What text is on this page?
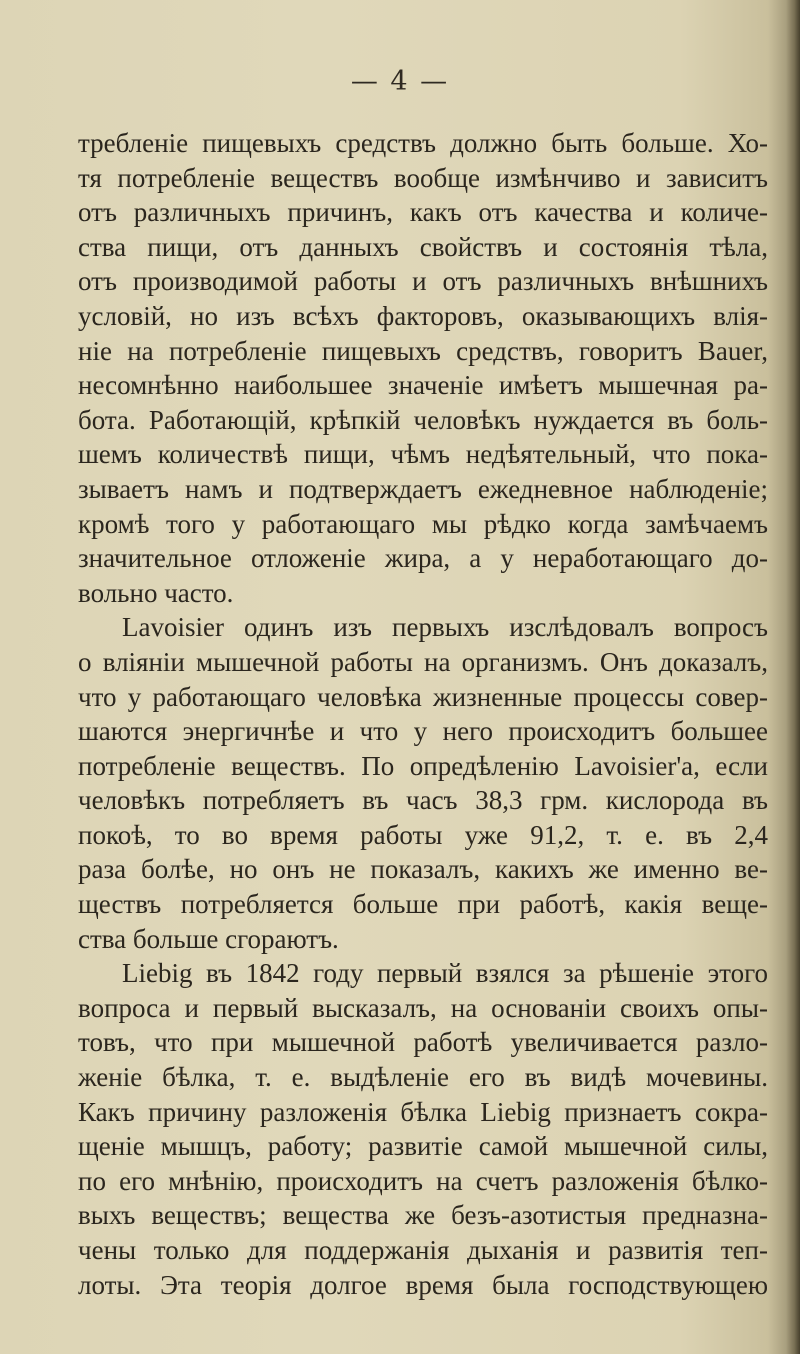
— 4 —
требленіе пищевыхъ средствъ должно быть больше. Хо-
тя потребленіе веществъ вообще измѣнчиво и зависитъ
отъ различныхъ причинъ, какъ отъ качества и количе-
ства пищи, отъ данныхъ свойствъ и состоянія тѣла,
отъ производимой работы и отъ различныхъ внѣшнихъ
условій, но изъ всѣхъ факторовъ, оказывающихъ влія-
ніе на потребленіе пищевыхъ средствъ, говоритъ Bauer,
несомнѣнно наибольшее значеніе имѣетъ мышечная ра-
бота. Работающій, крѣпкій человѣкъ нуждается въ боль-
шемъ количествѣ пищи, чѣмъ недѣятельный, что пока-
зываетъ намъ и подтверждаетъ ежедневное наблюденіе;
кромѣ того у работающаго мы рѣдко когда замѣчаемъ
значительное отложеніе жира, а у неработающаго до-
вольно часто.
Lavoisier одинъ изъ первыхъ изслѣдовалъ вопросъ
о вліяніи мышечной работы на организмъ. Онъ доказалъ,
что у работающаго человѣка жизненные процессы совер-
шаются энергичнѣе и что у него происходитъ большее
потребленіе веществъ. По опредѣленію Lavoisier'a, если
человѣкъ потребляетъ въ часъ 38,3 грм. кислорода въ
покоѣ, то во время работы уже 91,2, т. е. въ 2,4
раза болѣе, но онъ не показалъ, какихъ же именно ве-
ществъ потребляется больше при работѣ, какія веще-
ства больше сгораютъ.
Liebig въ 1842 году первый взялся за рѣшеніе этого
вопроса и первый высказалъ, на основаніи своихъ опы-
товъ, что при мышечной работѣ увеличивается разло-
женіе бѣлка, т. е. выдѣленіе его въ видѣ мочевины.
Какъ причину разложенія бѣлка Liebig признаетъ сокра-
щеніе мышцъ, работу; развитіе самой мышечной силы,
по его мнѣнію, происходитъ на счетъ разложенія бѣлко-
выхъ веществъ; вещества же безъ-азотистыя предназна-
чены только для поддержанія дыханія и развитія теп-
лоты. Эта теорія долгое время была господствующею
